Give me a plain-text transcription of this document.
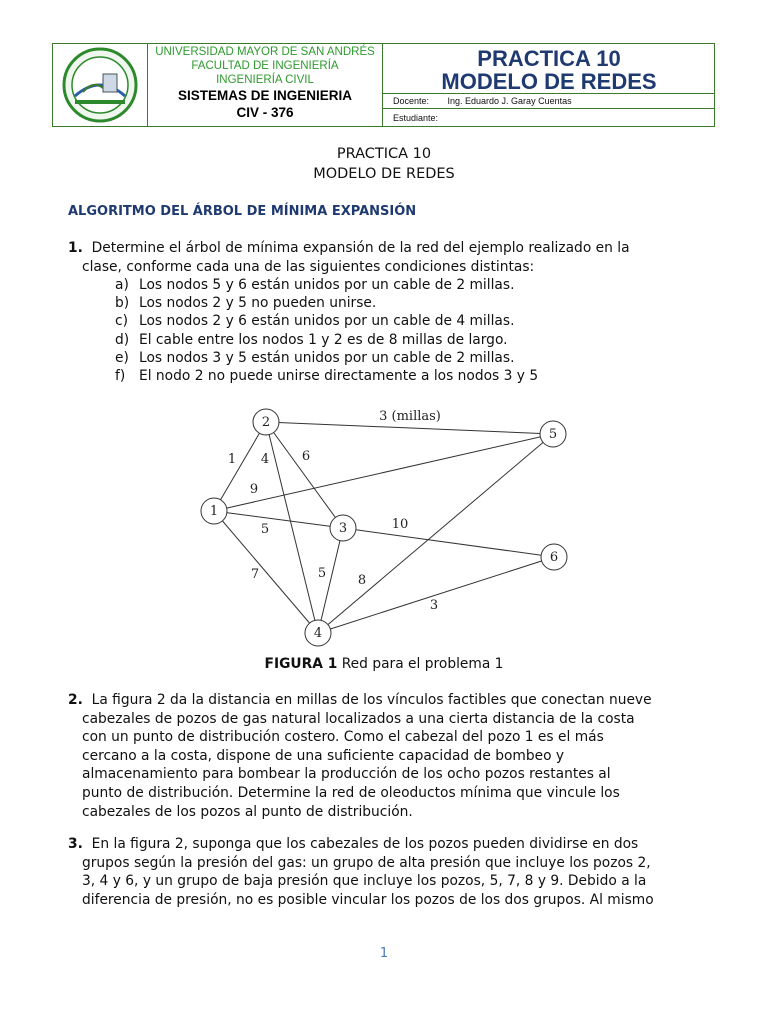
UNIVERSIDAD MAYOR DE SAN ANDRÉS
FACULTAD DE INGENIERÍA
INGENIERÍA CIVIL
SISTEMAS DE INGENIERIA
CIV - 376
PRACTICA 10
MODELO DE REDES
Docente: Ing. Eduardo J. Garay Cuentas
Estudiante:
PRACTICA 10
MODELO DE REDES
ALGORITMO DEL ÁRBOL DE MÍNIMA EXPANSIÓN
1. Determine el árbol de mínima expansión de la red del ejemplo realizado en la
clase, conforme cada una de las siguientes condiciones distintas:
a) Los nodos 5 y 6 están unidos por un cable de 2 millas.
b) Los nodos 2 y 5 no pueden unirse.
c) Los nodos 2 y 6 están unidos por un cable de 4 millas.
d) El cable entre los nodos 1 y 2 es de 8 millas de largo.
e) Los nodos 3 y 5 están unidos por un cable de 2 millas.
f) El nodo 2 no puede unirse directamente a los nodos 3 y 5
2
5
1
3
6
4
3 (millas)
1 4	6
9
5	10
7	5 8
3
FIGURA 1 Red para el problema 1
2. La figura 2 da la distancia en millas de los vínculos factibles que conectan nueve
cabezales de pozos de gas natural localizados a una cierta distancia de la costa
con un punto de distribución costero. Como el cabezal del pozo 1 es el más
cercano a la costa, dispone de una suficiente capacidad de bombeo y
almacenamiento para bombear la producción de los ocho pozos restantes al
punto de distribución. Determine la red de oleoductos mínima que vincule los
cabezales de los pozos al punto de distribución.
3. En la figura 2, suponga que los cabezales de los pozos pueden dividirse en dos
grupos según la presión del gas: un grupo de alta presión que incluye los pozos 2,
3, 4 y 6, y un grupo de baja presión que incluye los pozos, 5, 7, 8 y 9. Debido a la
diferencia de presión, no es posible vincular los pozos de los dos grupos. Al mismo
1
